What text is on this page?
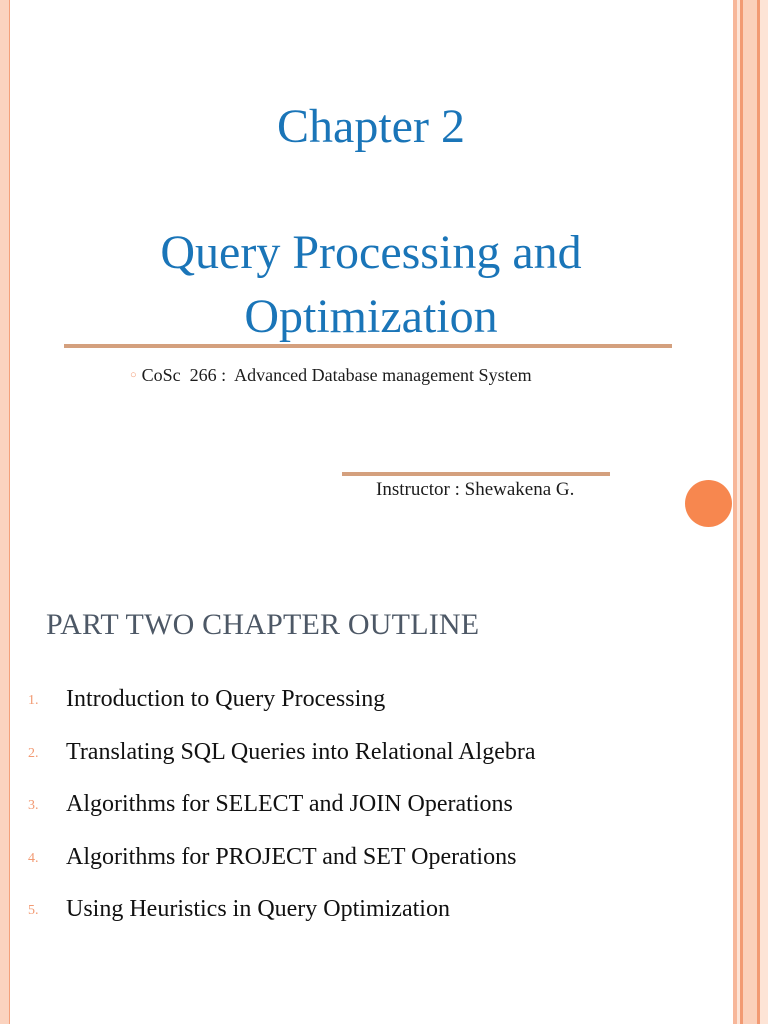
Chapter 2
Query Processing and
Optimization
○ CoSc  266 :  Advanced Database management System
Instructor : Shewakena G.
PART TWO CHAPTER OUTLINE
1. Introduction to Query Processing
2. Translating SQL Queries into Relational Algebra
3. Algorithms for SELECT and JOIN Operations
4. Algorithms for PROJECT and SET Operations
5. Using Heuristics in Query Optimization
